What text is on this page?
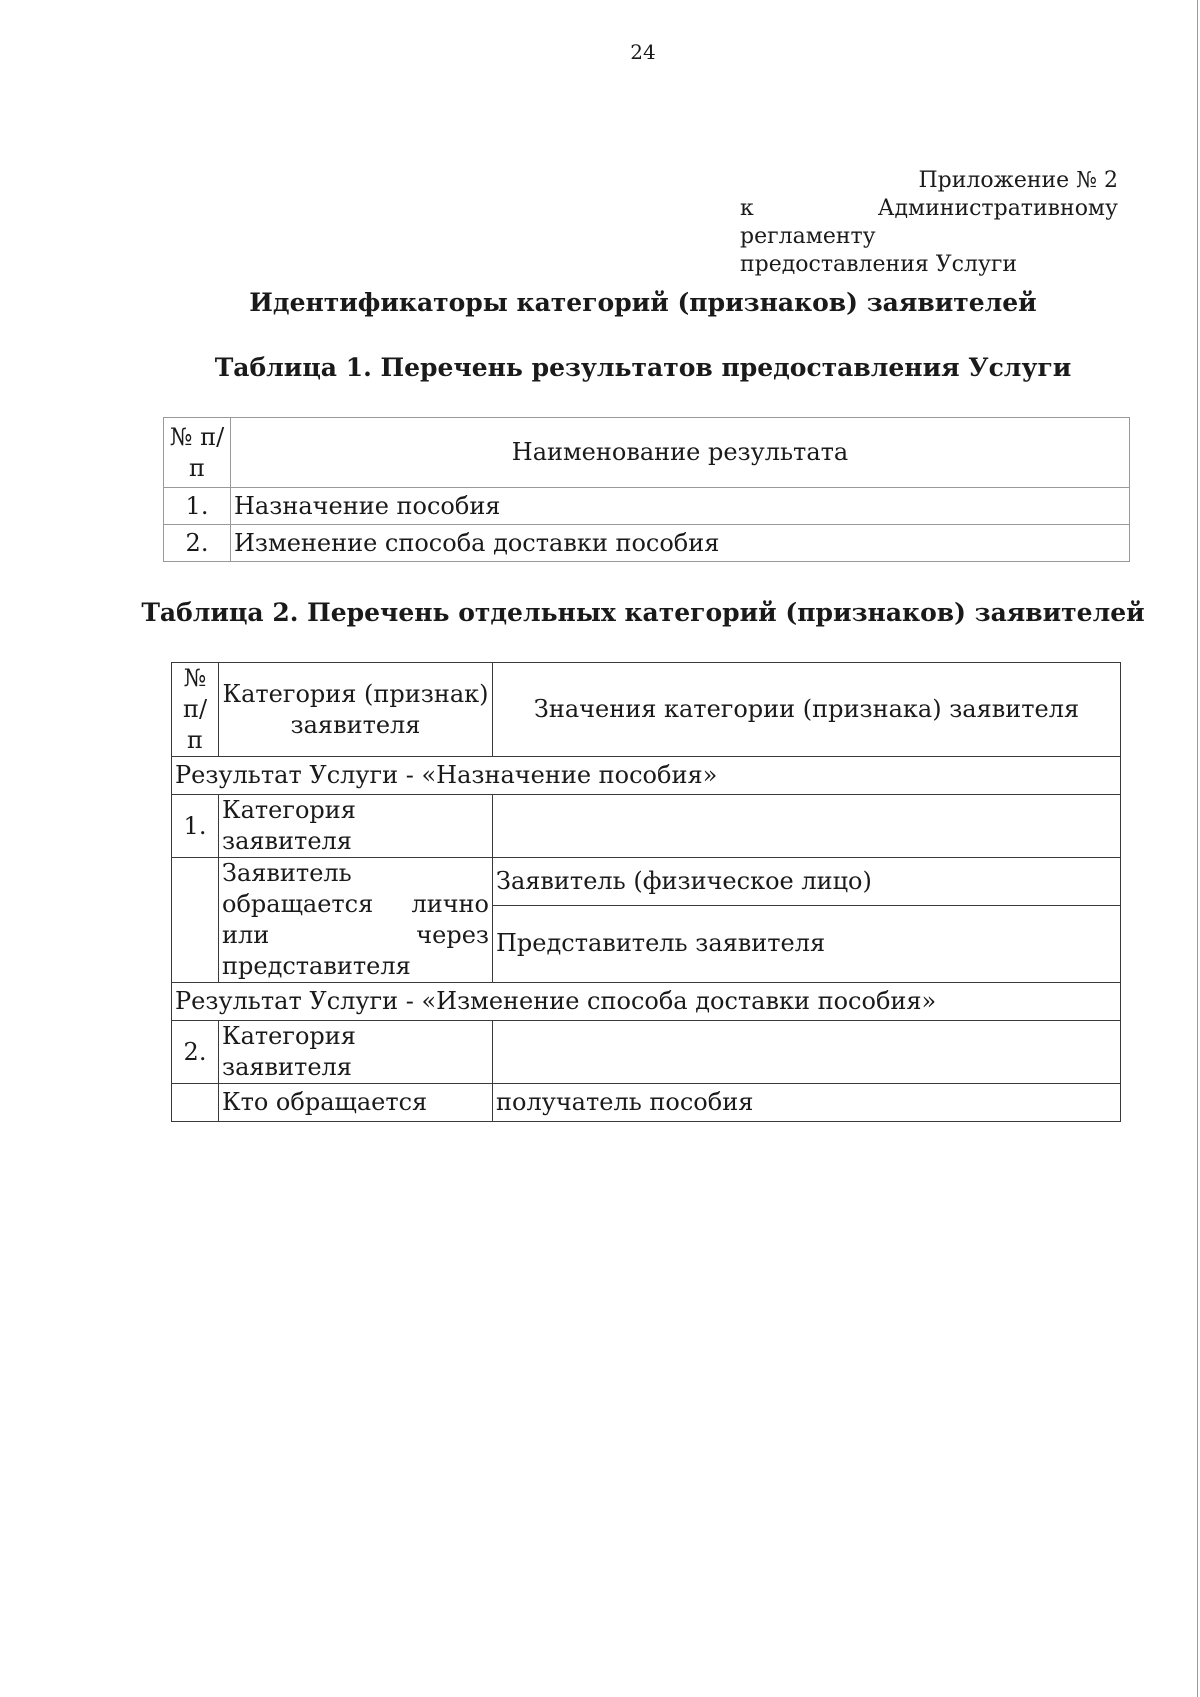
24
Приложение № 2
к Административному регламенту
предоставления Услуги
Идентификаторы категорий (признаков) заявителей
Таблица 1. Перечень результатов предоставления Услуги
№ п/п	Наименование результата
1.	Назначение пособия
2.	Изменение способа доставки пособия
Таблица 2. Перечень отдельных категорий (признаков) заявителей
№ п/п	Категория (признак) заявителя	Значения категории (признака) заявителя
Результат Услуги - «Назначение пособия»		
1.	Категория заявителя	
	Заявитель обращается лично или через представителя	Заявитель (физическое лицо)
		Представитель заявителя
Результат Услуги - «Изменение способа доставки пособия»		
2.	Категория заявителя	
	Кто обращается	получатель пособия
